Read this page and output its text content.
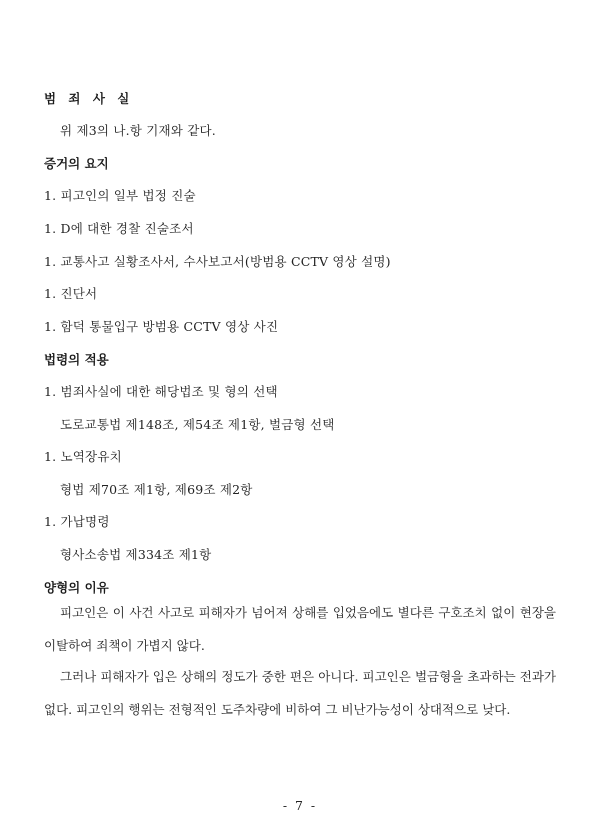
범 죄 사 실
위 제3의 나.항 기재와 같다.
증거의 요지
1. 피고인의 일부 법정 진술
1. D에 대한 경찰 진술조서
1. 교통사고 실황조사서, 수사보고서(방범용 CCTV 영상 설명)
1. 진단서
1. 함덕 통물입구 방범용 CCTV 영상 사진
법령의 적용
1. 범죄사실에 대한 해당법조 및 형의 선택
도로교통법 제148조, 제54조 제1항, 벌금형 선택
1. 노역장유치
형법 제70조 제1항, 제69조 제2항
1. 가납명령
형사소송법 제334조 제1항
양형의 이유
피고인은 이 사건 사고로 피해자가 넘어져 상해를 입었음에도 별다른 구호조치 없이 현장을 이탈하여 죄책이 가볍지 않다.
그러나 피해자가 입은 상해의 정도가 중한 편은 아니다. 피고인은 벌금형을 초과하는 전과가 없다. 피고인의 행위는 전형적인 도주차량에 비하여 그 비난가능성이 상대적으로 낮다.
- 7 -
